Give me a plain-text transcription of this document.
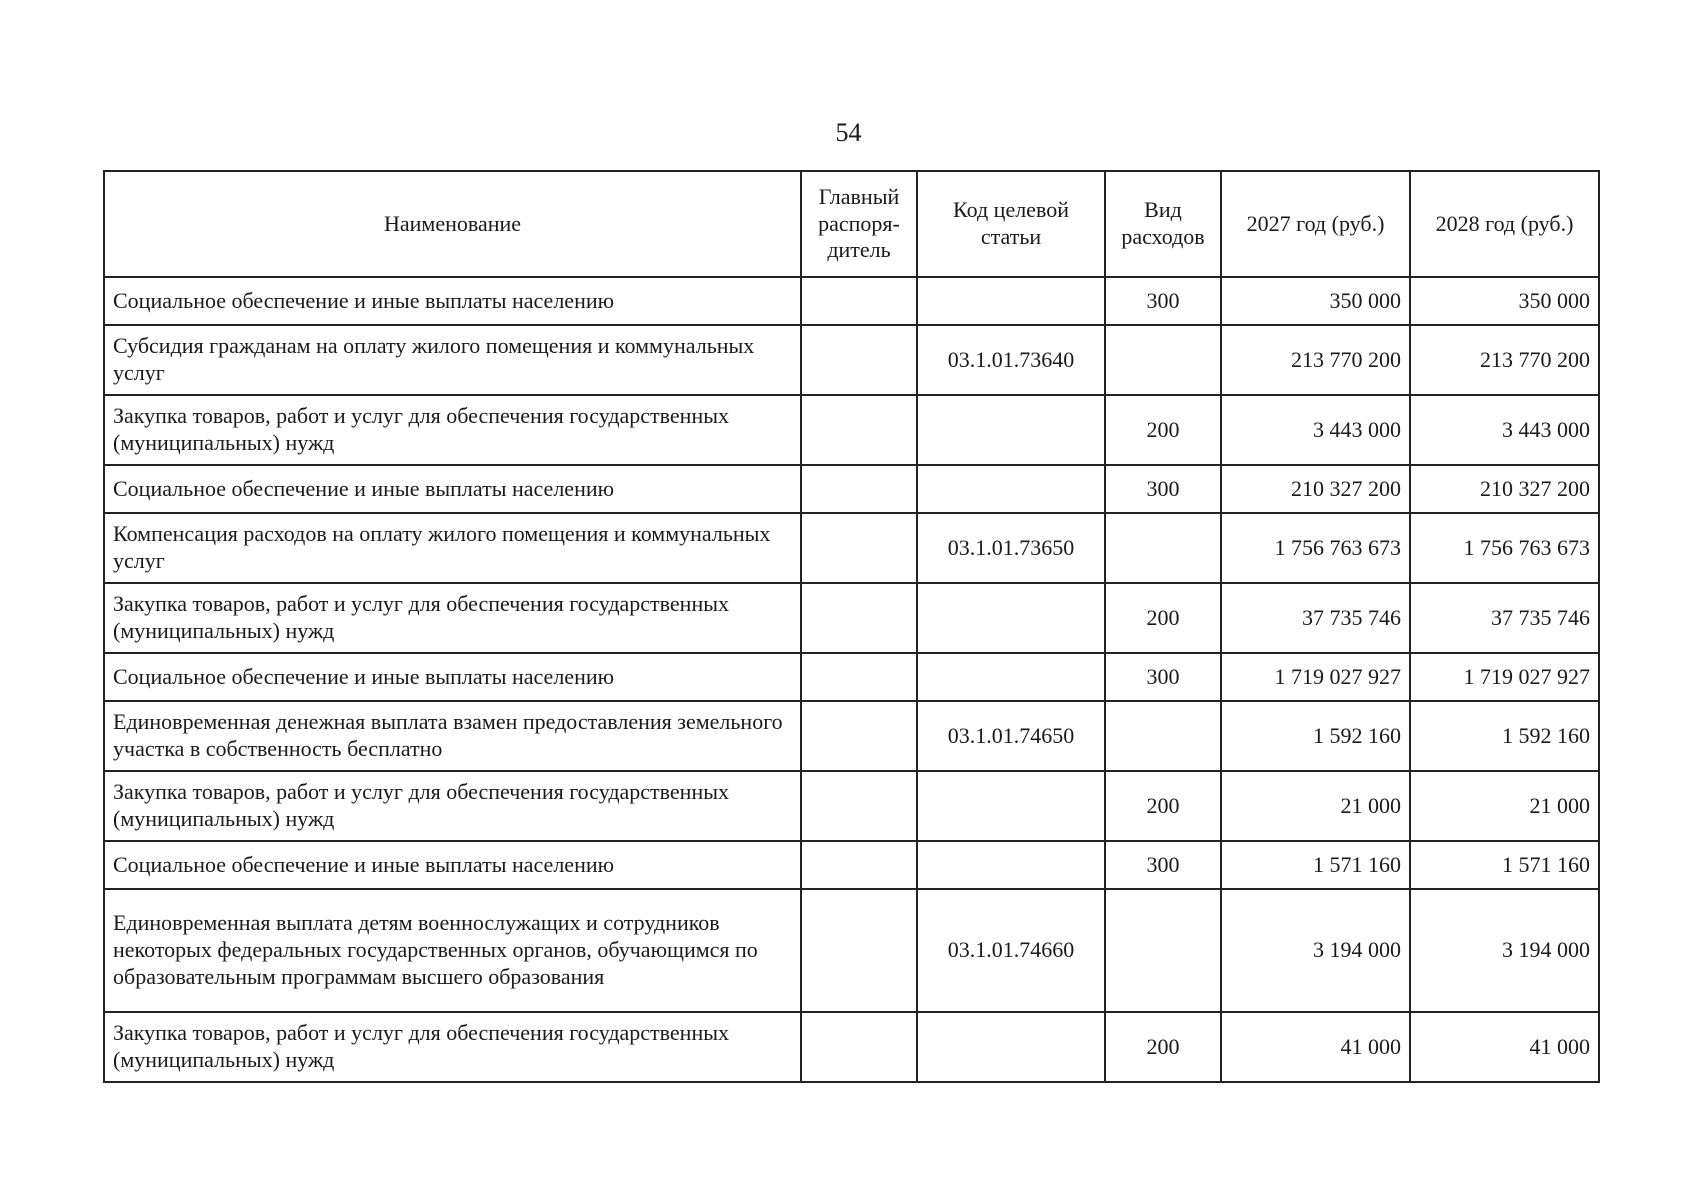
54
Наименование	Главный распоря-дитель	Код целевой статьи	Вид расходов	2027 год (руб.)	2028 год (руб.)
Социальное обеспечение и иные выплаты населению			300	350 000	350 000
Субсидия гражданам на оплату жилого помещения и коммунальных услуг		03.1.01.73640		213 770 200	213 770 200
Закупка товаров, работ и услуг для обеспечения государственных (муниципальных) нужд			200	3 443 000	3 443 000
Социальное обеспечение и иные выплаты населению			300	210 327 200	210 327 200
Компенсация расходов на оплату жилого помещения и коммунальных услуг		03.1.01.73650		1 756 763 673	1 756 763 673
Закупка товаров, работ и услуг для обеспечения государственных (муниципальных) нужд			200	37 735 746	37 735 746
Социальное обеспечение и иные выплаты населению			300	1 719 027 927	1 719 027 927
Единовременная денежная выплата взамен предоставления земельного участка в собственность бесплатно		03.1.01.74650		1 592 160	1 592 160
Закупка товаров, работ и услуг для обеспечения государственных (муниципальных) нужд			200	21 000	21 000
Социальное обеспечение и иные выплаты населению			300	1 571 160	1 571 160
Единовременная выплата детям военнослужащих и сотрудников некоторых федеральных государственных органов, обучающимся по образовательным программам высшего образования		03.1.01.74660		3 194 000	3 194 000
Закупка товаров, работ и услуг для обеспечения государственных (муниципальных) нужд			200	41 000	41 000
